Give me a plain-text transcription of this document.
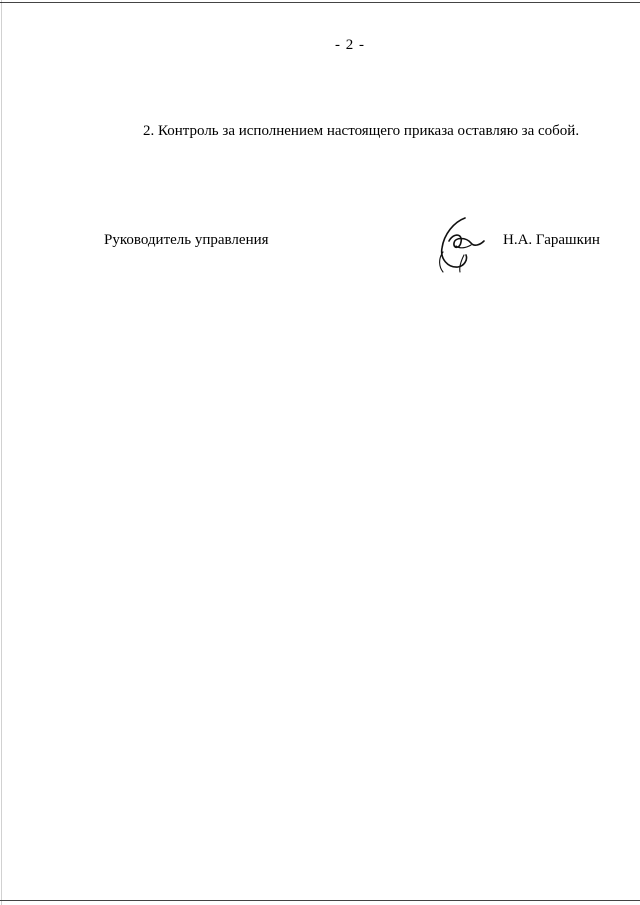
- 2 -
2. Контроль за исполнением настоящего приказа оставляю за собой.
Руководитель управления	Н.А. Гарашкин
